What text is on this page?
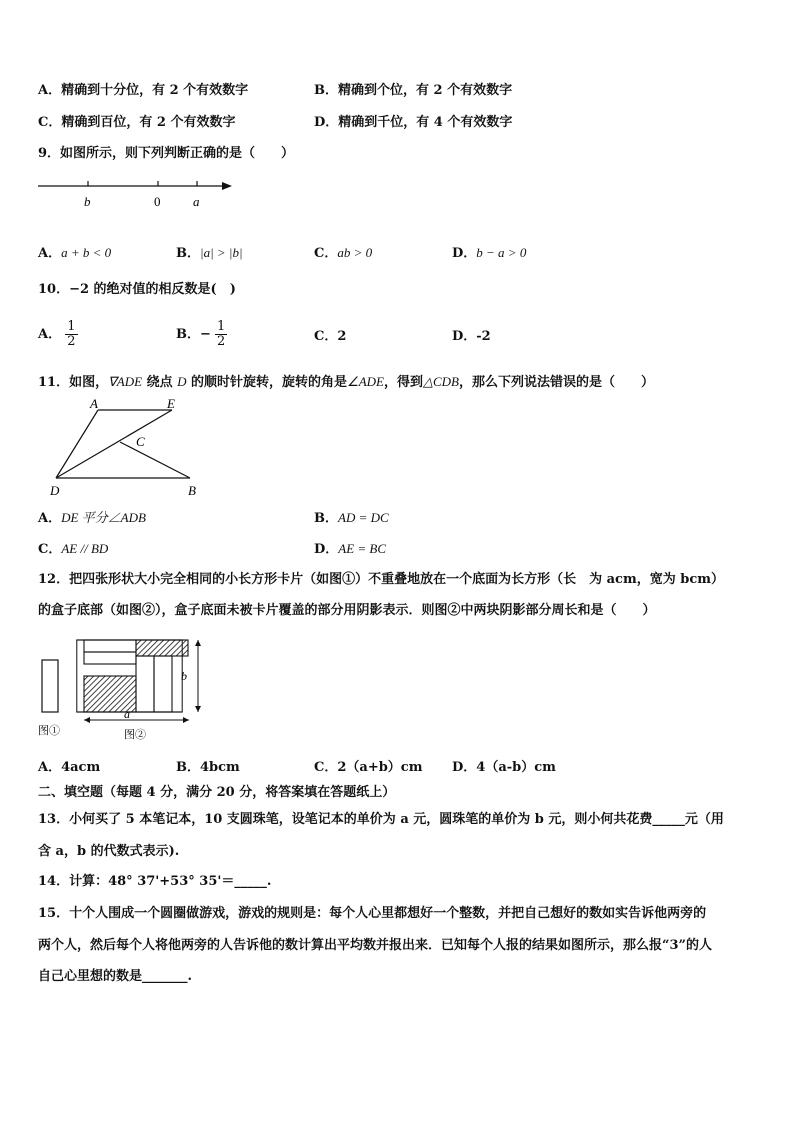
A．精确到十分位，有 2 个有效数字	B．精确到个位，有 2 个有效数字
C．精确到百位，有 2 个有效数字	D．精确到千位，有 4 个有效数字
9．如图所示，则下列判断正确的是（　　）
b	0	a
A．a + b < 0	B．|a| > |b|	C．ab > 0	D．b − a > 0
10．−2 的绝对值的相反数是(　)
A． $\frac{1}{2}$	B．− $\frac{1}{2}$	C．2	D．-2
11．如图，∇ADE 绕点 D 的顺时针旋转，旋转的角是∠ADE，得到△CDB，那么下列说法错误的是（　　）
A	E
C
D	B
A．DE 平分∠ADB	B．AD = DC
C．AE // BD	D．AE = BC
12．把四张形状大小完全相同的小长方形卡片（如图①）不重叠地放在一个底面为长方形（长　为 acm，宽为 bcm）
的盒子底部（如图②），盒子底面未被卡片覆盖的部分用阴影表示．则图②中两块阴影部分周长和是（　　）
图①
a
b
图②
A．4acm	B．4bcm	C．2（a+b）cm D．4（a-b）cm
二、填空题（每题 4 分，满分 20 分，将答案填在答题纸上）
13．小何买了 5 本笔记本，10 支圆珠笔，设笔记本的单价为 a 元，圆珠笔的单价为 b 元，则小何共花费_____元（用
含 a，b 的代数式表示).
14．计算：48° 37'+53° 35'＝_____.
15．十个人围成一个圆圈做游戏，游戏的规则是：每个人心里都想好一个整数，并把自己想好的数如实告诉他两旁的
两个人，然后每个人将他两旁的人告诉他的数计算出平均数并报出来．已知每个人报的结果如图所示，那么报“3”的人
自己心里想的数是_______.
